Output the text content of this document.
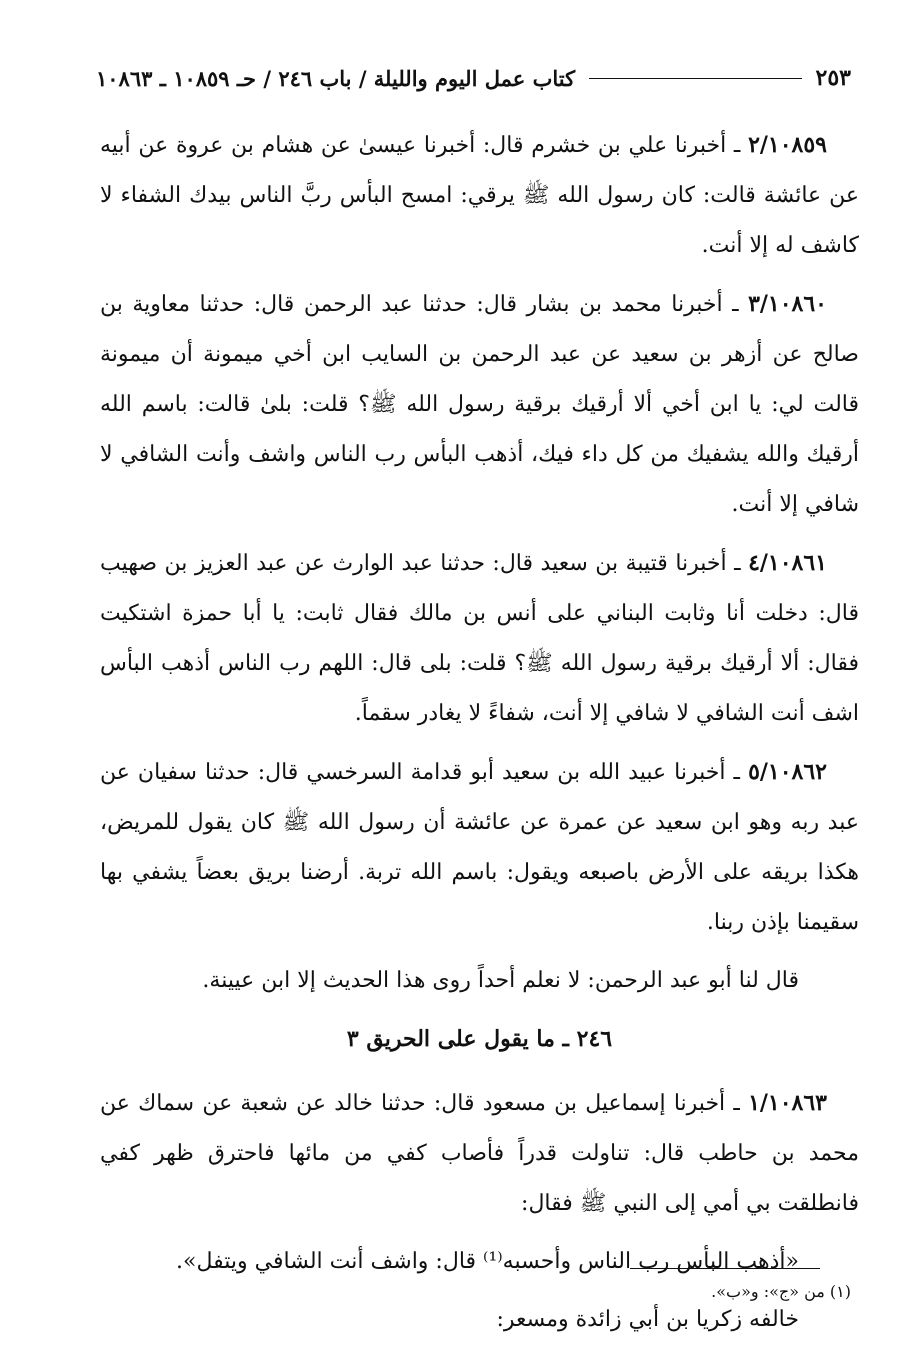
كتاب عمل اليوم والليلة / باب ٢٤٦ / حـ ١٠٨٥٩ ـ ١٠٨٦٣	٢٥٣

٢/١٠٨٥٩ ـ أخبرنا علي بن خشرم قال: أخبرنا عيسىٰ عن هشام بن عروة عن أبيه عن عائشة قالت: كان رسول الله ﷺ يرقي: امسح البأس ربَّ الناس بيدك الشفاء لا كاشف له إلا أنت.

٣/١٠٨٦٠ ـ أخبرنا محمد بن بشار قال: حدثنا عبد الرحمن قال: حدثنا معاوية بن صالح عن أزهر بن سعيد عن عبد الرحمن بن السايب ابن أخي ميمونة أن ميمونة قالت لي: يا ابن أخي ألا أرقيك برقية رسول الله ﷺ؟ قلت: بلىٰ قالت: باسم الله أرقيك والله يشفيك من كل داء فيك، أذهب البأس رب الناس واشف وأنت الشافي لا شافي إلا أنت.

٤/١٠٨٦١ ـ أخبرنا قتيبة بن سعيد قال: حدثنا عبد الوارث عن عبد العزيز بن صهيب قال: دخلت أنا وثابت البناني على أنس بن مالك فقال ثابت: يا أبا حمزة اشتكيت فقال: ألا أرقيك برقية رسول الله ﷺ؟ قلت: بلى قال: اللهم رب الناس أذهب البأس اشف أنت الشافي لا شافي إلا أنت، شفاءً لا يغادر سقماً.

٥/١٠٨٦٢ ـ أخبرنا عبيد الله بن سعيد أبو قدامة السرخسي قال: حدثنا سفيان عن عبد ربه وهو ابن سعيد عن عمرة عن عائشة أن رسول الله ﷺ كان يقول للمريض، هكذا بريقه على الأرض باصبعه ويقول: باسم الله تربة. أرضنا بريق بعضاً يشفي بها سقيمنا بإذن ربنا.

قال لنا أبو عبد الرحمن: لا نعلم أحداً روى هذا الحديث إلا ابن عيينة.

٢٤٦ ـ ما يقول على الحريق ٣

١/١٠٨٦٣ ـ أخبرنا إسماعيل بن مسعود قال: حدثنا خالد عن شعبة عن سماك عن محمد بن حاطب قال: تناولت قدراً فأصاب كفي من مائها فاحترق ظهر كفي فانطلقت بي أمي إلى النبي ﷺ فقال:

«أذهب البأس رب الناس وأحسبه⁽¹⁾ قال: واشف أنت الشافي ويتفل».

خالفه زكريا بن أبي زائدة ومسعر:

(١) من «ج»: و«ب».
